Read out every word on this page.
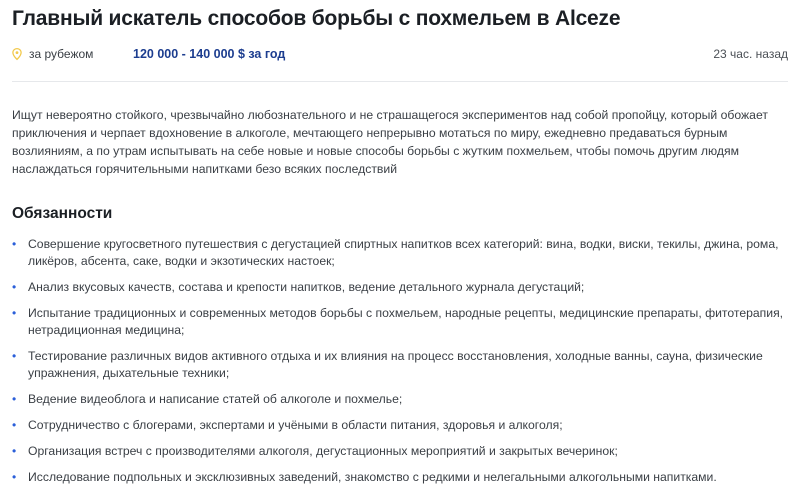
Главный искатель способов борьбы с похмельем в Alceze
за рубежом	120 000 - 140 000 $ за год	23 час. назад

Ищут невероятно стойкого, чрезвычайно любознательного и не страшащегося экспериментов над собой пропойцу, который обожает приключения и черпает вдохновение в алкоголе, мечтающего непрерывно мотаться по миру, ежедневно предаваться бурным возлияниям, а по утрам испытывать на себе новые и новые способы борьбы с жутким похмельем, чтобы помочь другим людям наслаждаться горячительными напитками безо всяких последствий

Обязанности
• Совершение кругосветного путешествия с дегустацией спиртных напитков всех категорий: вина, водки, виски, текилы, джина, рома, ликёров, абсента, саке, водки и экзотических настоек;
• Анализ вкусовых качеств, состава и крепости напитков, ведение детального журнала дегустаций;
• Испытание традиционных и современных методов борьбы с похмельем, народные рецепты, медицинские препараты, фитотерапия, нетрадиционная медицина;
• Тестирование различных видов активного отдыха и их влияния на процесс восстановления, холодные ванны, сауна, физические упражнения, дыхательные техники;
• Ведение видеоблога и написание статей об алкоголе и похмелье;
• Сотрудничество с блогерами, экспертами и учёными в области питания, здоровья и алкоголя;
• Организация встреч с производителями алкоголя, дегустационных мероприятий и закрытых вечеринок;
• Исследование подпольных и эксклюзивных заведений, знакомство с редкими и нелегальными алкогольными напитками.
